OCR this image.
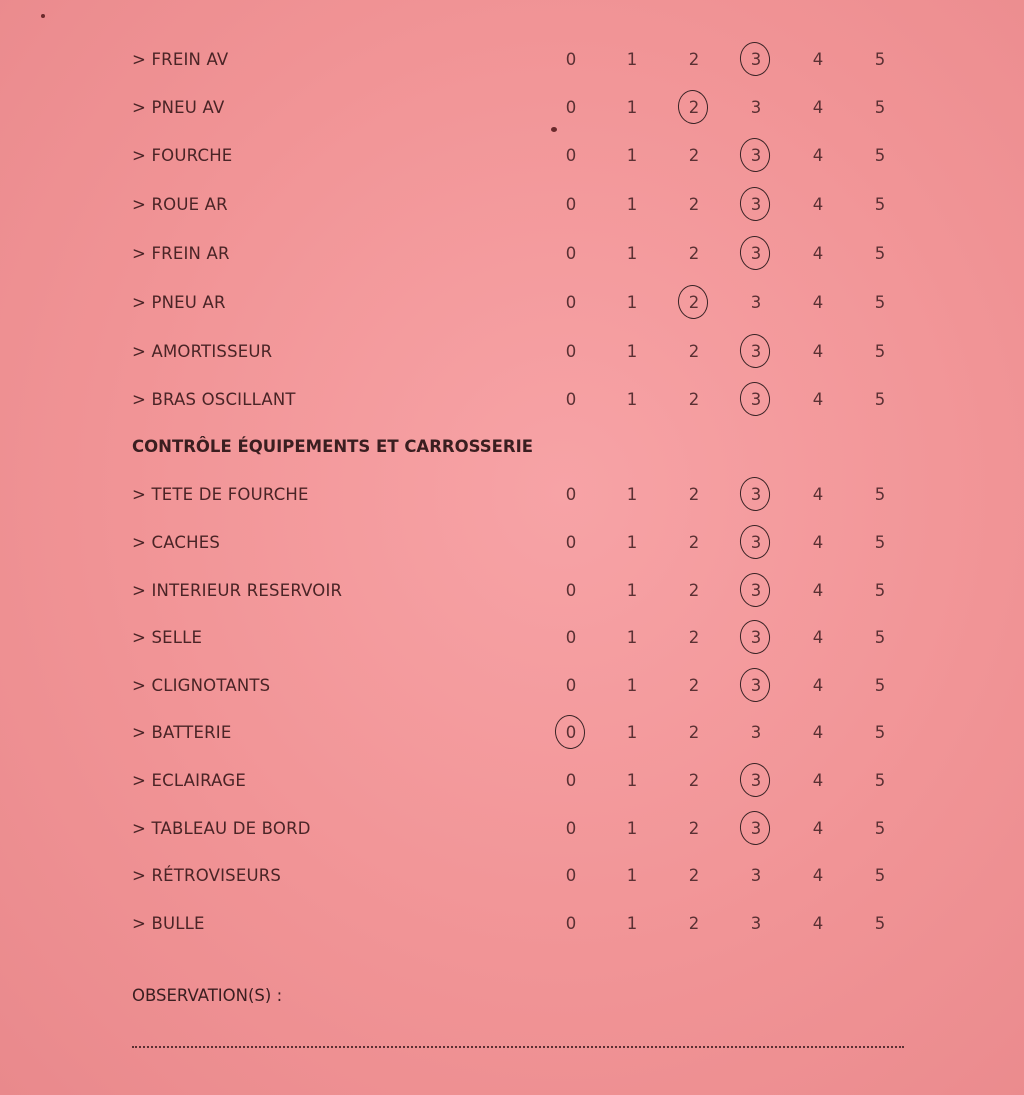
> FREIN AV	0	1	2	3	4	5
> PNEU AV	0	1	2	3	4	5
> FOURCHE	0	1	2	3	4	5
> ROUE AR	0	1	2	3	4	5
> FREIN AR	0	1	2	3	4	5
> PNEU AR	0	1	2	3	4	5
> AMORTISSEUR	0	1	2	3	4	5
> BRAS OSCILLANT	0	1	2	3	4	5
CONTRÔLE ÉQUIPEMENTS ET CARROSSERIE
> TETE DE FOURCHE	0	1	2	3	4	5
> CACHES	0	1	2	3	4	5
> INTERIEUR RESERVOIR	0	1	2	3	4	5
> SELLE	0	1	2	3	4	5
> CLIGNOTANTS	0	1	2	3	4	5
> BATTERIE	0	1	2	3	4	5
> ECLAIRAGE	0	1	2	3	4	5
> TABLEAU DE BORD	0	1	2	3	4	5
> RÉTROVISEURS	0	1	2	3	4	5
> BULLE	0	1	2	3	4	5
OBSERVATION(S) :
